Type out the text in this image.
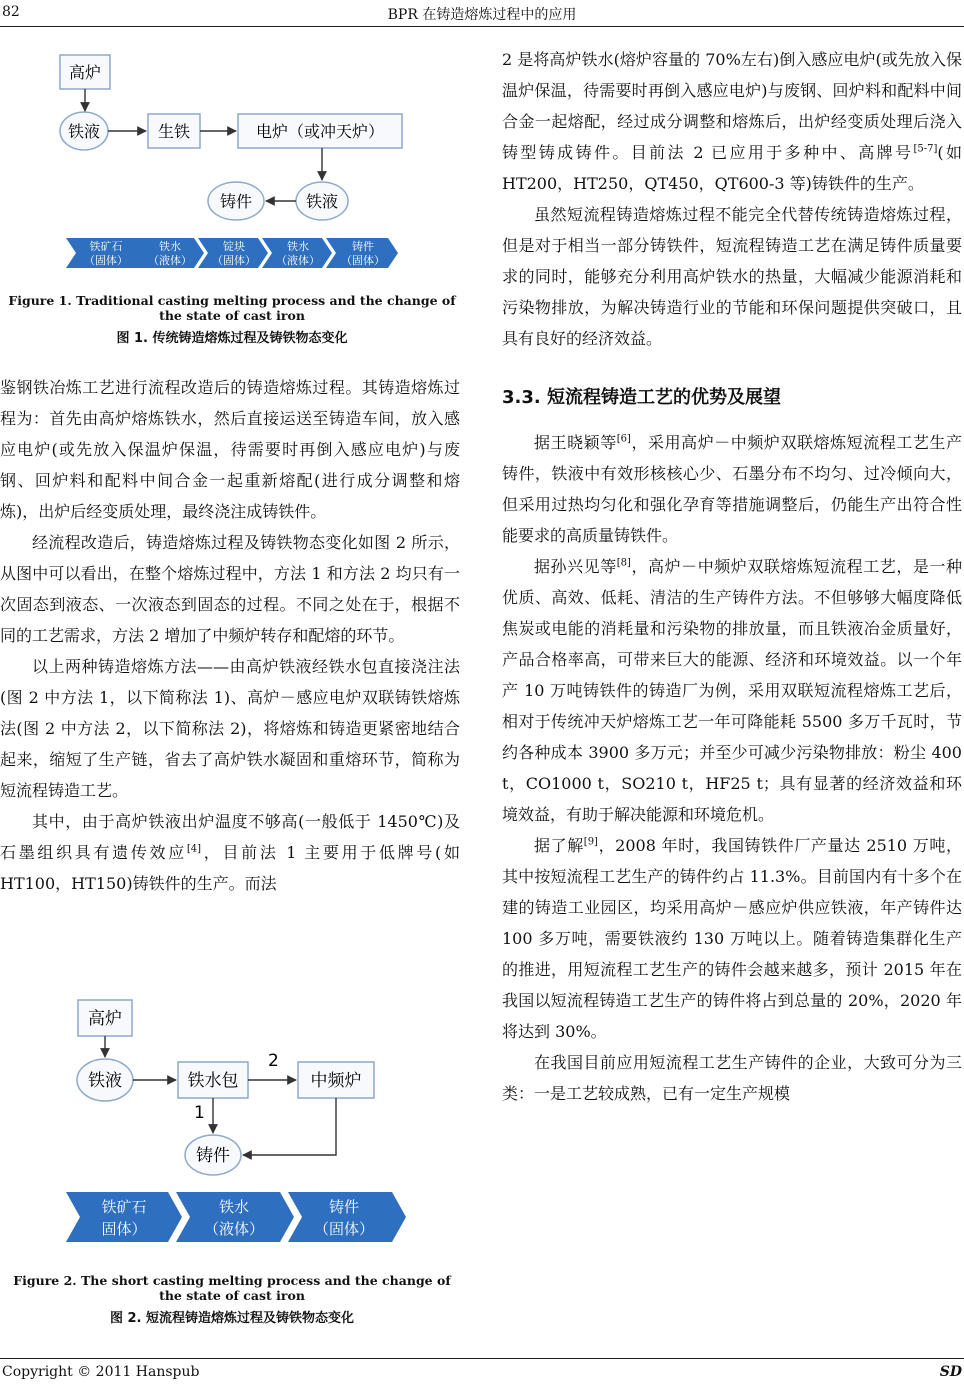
82	BPR 在铸造熔炼过程中的应用
高炉
铁液	生铁	电炉（或冲天炉）
铸件	铁液
铁矿石
（固体）
铁水
（液体）
锭块
（固体）
铁水
（液体）
铸件
（固体）
Figure 1. Traditional casting melting process and the change of the state of cast iron
图 1. 传统铸造熔炼过程及铸铁物态变化

鉴钢铁冶炼工艺进行流程改造后的铸造熔炼过程。其铸造熔炼过程为：首先由高炉熔炼铁水，然后直接运送至铸造车间，放入感应电炉(或先放入保温炉保温，待需要时再倒入感应电炉)与废钢、回炉料和配料中间合金一起重新熔配(进行成分调整和熔炼)，出炉后经变质处理，最终浇注成铸铁件。

经流程改造后，铸造熔炼过程及铸铁物态变化如图 2 所示，从图中可以看出，在整个熔炼过程中，方法 1 和方法 2 均只有一次固态到液态、一次液态到固态的过程。不同之处在于，根据不同的工艺需求，方法 2 增加了中频炉转存和配熔的环节。

以上两种铸造熔炼方法——由高炉铁液经铁水包直接浇注法(图 2 中方法 1，以下简称法 1)、高炉－感应电炉双联铸铁熔炼法(图 2 中方法 2，以下简称法 2)，将熔炼和铸造更紧密地结合起来，缩短了生产链，省去了高炉铁水凝固和重熔环节，简称为短流程铸造工艺。

其中，由于高炉铁液出炉温度不够高(一般低于 1450℃)及石墨组织具有遗传效应[4]，目前法 1 主要用于低牌号(如 HT100，HT150)铸铁件的生产。而法

高炉
铁液	铁水包	中频炉
铸件
2
1
铁矿石
固体）
铁水
（液体）
铸件
（固体）
Figure 2. The short casting melting process and the change of the state of cast iron
图 2. 短流程铸造熔炼过程及铸铁物态变化

2 是将高炉铁水(熔炉容量的 70%左右)倒入感应电炉(或先放入保温炉保温，待需要时再倒入感应电炉)与废钢、回炉料和配料中间合金一起熔配，经过成分调整和熔炼后，出炉经变质处理后浇入铸型铸成铸件。目前法 2 已应用于多种中、高牌号[5-7](如 HT200，HT250，QT450，QT600-3 等)铸铁件的生产。

虽然短流程铸造熔炼过程不能完全代替传统铸造熔炼过程，但是对于相当一部分铸铁件，短流程铸造工艺在满足铸件质量要求的同时，能够充分利用高炉铁水的热量，大幅减少能源消耗和污染物排放，为解决铸造行业的节能和环保问题提供突破口，且具有良好的经济效益。

3.3. 短流程铸造工艺的优势及展望

据王晓颖等[6]，采用高炉－中频炉双联熔炼短流程工艺生产铸件，铁液中有效形核核心少、石墨分布不均匀、过冷倾向大，但采用过热均匀化和强化孕育等措施调整后，仍能生产出符合性能要求的高质量铸铁件。

据孙兴见等[8]，高炉－中频炉双联熔炼短流程工艺，是一种优质、高效、低耗、清洁的生产铸件方法。不但够够大幅度降低焦炭或电能的消耗量和污染物的排放量，而且铁液冶金质量好，产品合格率高，可带来巨大的能源、经济和环境效益。以一个年产 10 万吨铸铁件的铸造厂为例，采用双联短流程熔炼工艺后，相对于传统冲天炉熔炼工艺一年可降能耗 5500 多万千瓦时，节约各种成本 3900 多万元；并至少可减少污染物排放：粉尘 400 t，CO1000 t，SO210 t，HF25 t；具有显著的经济效益和环境效益，有助于解决能源和环境危机。

据了解[9]，2008 年时，我国铸铁件厂产量达 2510 万吨，其中按短流程工艺生产的铸件约占 11.3%。目前国内有十多个在建的铸造工业园区，均采用高炉－感应炉供应铁液，年产铸件达 100 多万吨，需要铁液约 130 万吨以上。随着铸造集群化生产的推进，用短流程工艺生产的铸件会越来越多，预计 2015 年在我国以短流程铸造工艺生产的铸件将占到总量的 20%，2020 年将达到 30%。

在我国目前应用短流程工艺生产铸件的企业，大致可分为三类：一是工艺较成熟，已有一定生产规模

Copyright © 2011 Hanspub	SD
